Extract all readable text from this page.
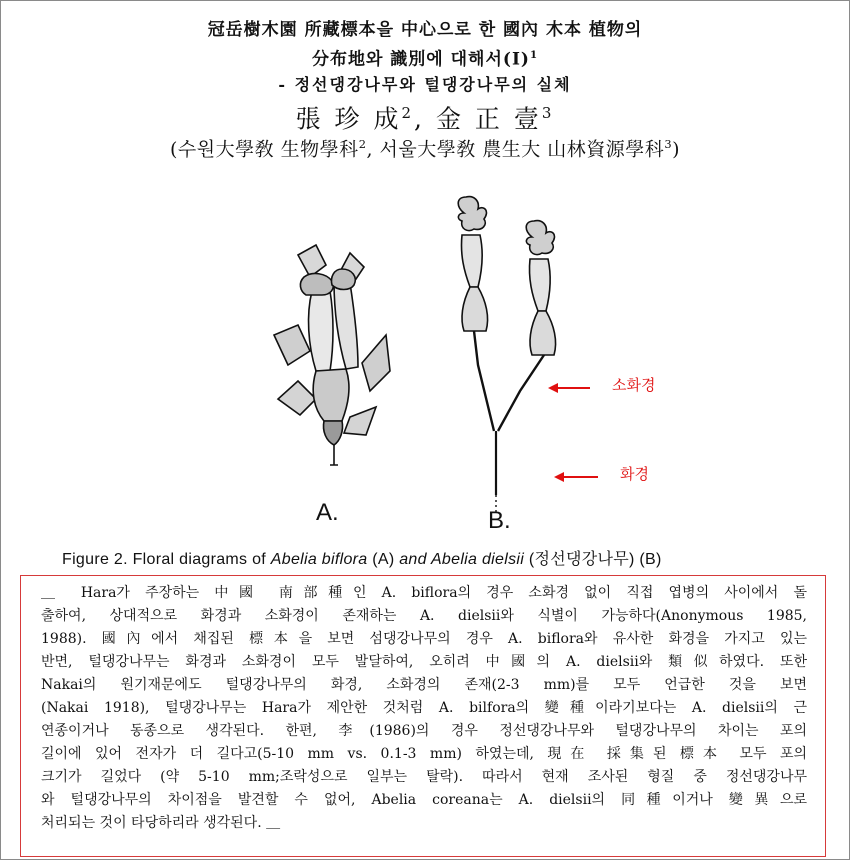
冠岳樹木園 所藏標本을 中心으로 한 國內 木本 植物의
分布地와 識別에 대해서$(I)^1$
- 정선댕강나무와 털댕강나무의 실체
張 珍 成$^2$, 金 正 壹$^3$
(수원大學敎 生物學科$^2$, 서울大學敎 農生大 山林資源學科$^3$)
소화경
화경
A.	B.
Figure 2. Floral diagrams of Abelia biflora (A) and Abelia dielsii (정선댕강나무) (B)
＿ Hara가 주장하는 中國 南部種인 A. biflora의 경우 소화경 없이 직접 엽병의 사이에서 돌
출하여, 상대적으로 화경과 소화경이 존재하는 A. dielsii와 식별이 가능하다(Anonymous 1985,
1988). 國內에서 채집된 標本을 보면 섬댕강나무의 경우 A. biflora와 유사한 화경을 가지고 있는
반면, 털댕강나무는 화경과 소화경이 모두 발달하여, 오히려 中國의 A. dielsii와 類似하였다. 또한
Nakai의 원기재문에도 털댕강나무의 화경, 소화경의 존재(2-3 mm)를 모두 언급한 것을 보면
(Nakai 1918), 털댕강나무는 Hara가 제안한 것처럼 A. bilfora의 變種이라기보다는 A. dielsii의 근
연종이거나 동종으로 생각된다. 한편, 李(1986)의 경우 정선댕강나무와 털댕강나무의 차이는 포의
길이에 있어 전자가 더 길다고(5-10 mm vs. 0.1-3 mm) 하였는데, 現在 採集된 標本 모두 포의
크기가 길었다 (약 5-10 mm;조락성으로 일부는 탈락). 따라서 현재 조사된 형질 중 정선댕강나무
와 털댕강나무의 차이점을 발견할 수 없어, Abelia coreana는 A. dielsii의 同種이거나 變異으로
처리되는 것이 타당하리라 생각된다. ＿
